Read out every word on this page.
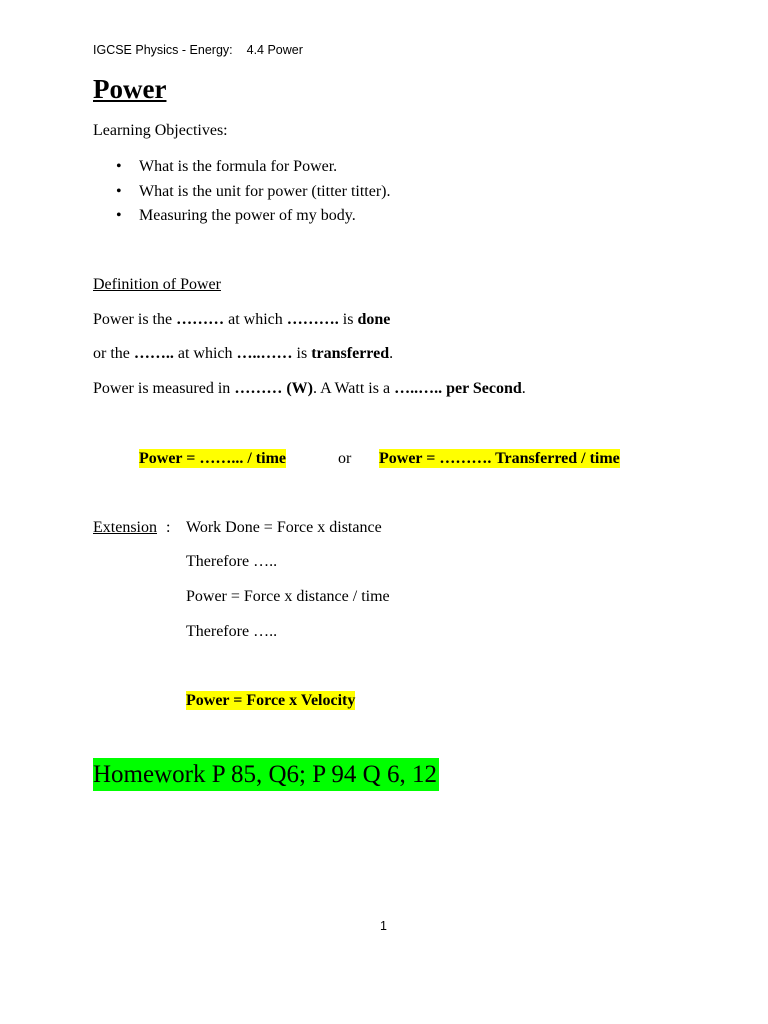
IGCSE Physics - Energy: 4.4 Power
Power
Learning Objectives:
• What is the formula for Power.
• What is the unit for power (titter titter).
• Measuring the power of my body.
Definition of Power
Power is the ……… at which ………. is done
or the …….. at which …..…… is transferred.
Power is measured in ……… (W). A Watt is a …..….. per Second.
Power = ……... / time	or Power = ………. Transferred / time
Extension : Work Done = Force x distance
Therefore …..
Power = Force x distance / time
Therefore …..
Power = Force x Velocity
Homework P 85, Q6; P 94 Q 6, 12
1
